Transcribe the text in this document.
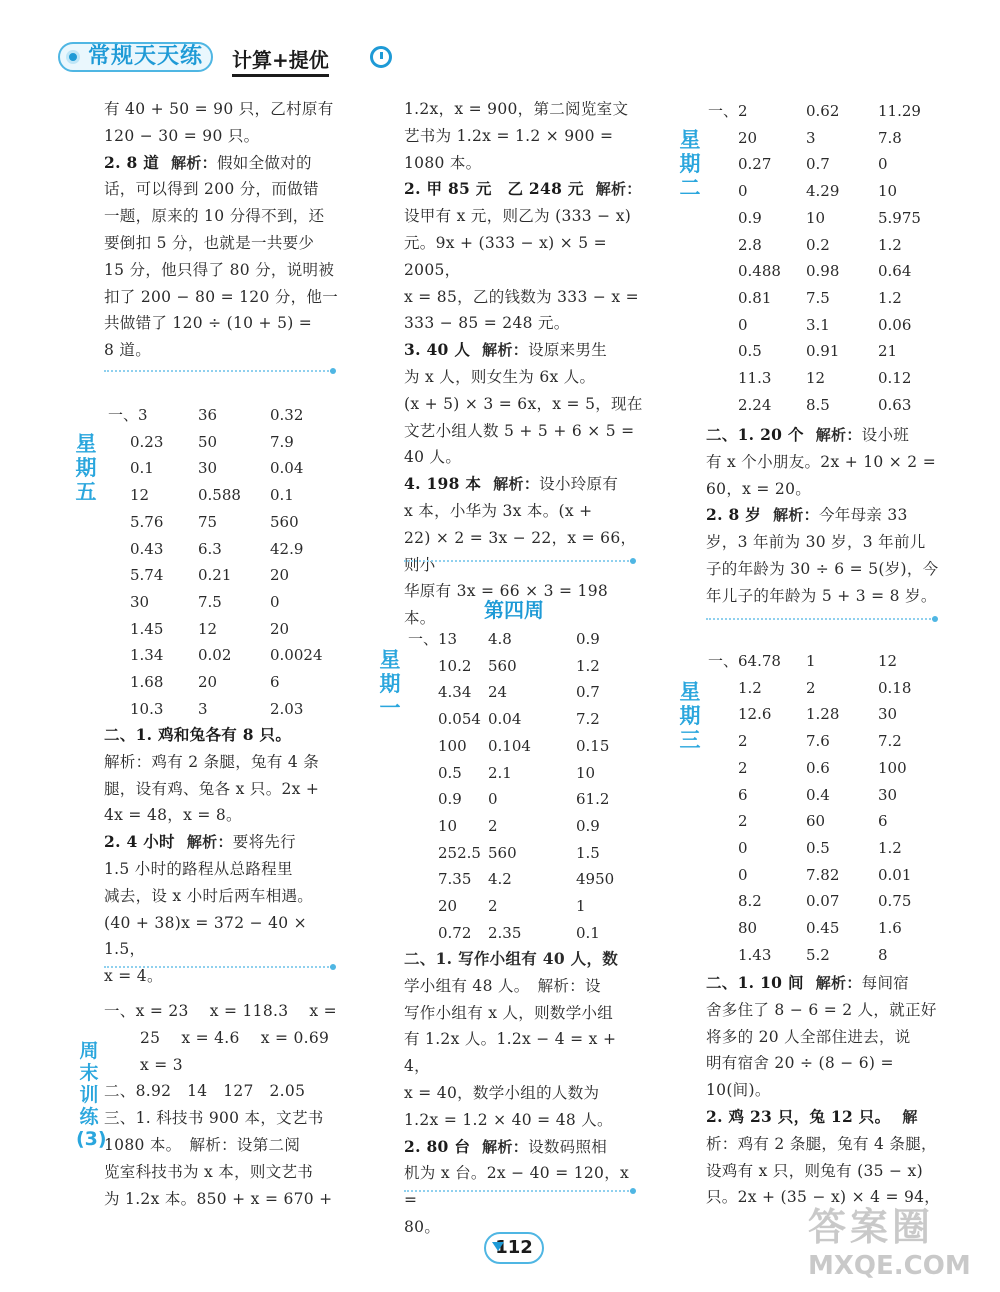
常规天天练	计算+提优
有 40 + 50 = 90 只，乙村原有
120 − 30 = 90 只。
2. 8 道 解析：假如全做对的
话，可以得到 200 分，而做错
一题，原来的 10 分得不到，还
要倒扣 5 分，也就是一共要少
15 分，他只得了 80 分，说明被
扣了 200 − 80 = 120 分，他一
共做错了 120 ÷ (10 + 5) =
8 道。
星期五
一、3	36	0.32
0.23	50	7.9
0.1	30	0.04
12	0.588	0.1
5.76	75	560
0.43	6.3	42.9
5.74	0.21	20
30	7.5	0
1.45	12	20
1.34	0.02	0.0024
1.68	20	6
10.3	3	2.03
二、1. 鸡和兔各有 8 只。
解析：鸡有 2 条腿，兔有 4 条
腿，设有鸡、兔各 x 只。2x +
4x = 48，x = 8。
2. 4 小时 解析：要将先行
1.5 小时的路程从总路程里
减去，设 x 小时后两车相遇。
(40 + 38)x = 372 − 40 × 1.5，
x = 4。
周末训练(3)
一、x = 23　 x = 118.3　 x =
25　 x = 4.6　 x = 0.69
x = 3
二、8.92　14　127　2.05
三、1. 科技书 900 本，文艺书
1080 本。　解析：设第二阅
览室科技书为 x 本，则文艺书
为 1.2x 本。850 + x = 670 +
1.2x，x = 900，第二阅览室文
艺书为 1.2x = 1.2 × 900 =
1080 本。
2. 甲 85 元　乙 248 元 解析：
设甲有 x 元，则乙为 (333 − x)
元。9x + (333 − x) × 5 = 2005，
x = 85，乙的钱数为 333 − x =
333 − 85 = 248 元。
3. 40 人 解析：设原来男生
为 x 人，则女生为 6x 人。
(x + 5) × 3 = 6x，x = 5，现在
文艺小组人数 5 + 5 + 6 × 5 =
40 人。
4. 198 本 解析：设小玲原有
x 本，小华为 3x 本。(x +
22) × 2 = 3x − 22，x = 66，则小
华原有 3x = 66 × 3 = 198 本。	第四周
星期一
一、13	4.8	0.9
10.2	560	1.2
4.34	24	0.7
0.054 0.04	7.2
100	0.104	0.15
0.5	2.1	10
0.9	0	61.2
10	2	0.9
252.5 560	1.5
7.35	4.2	4950
20	2	1
0.72	2.35	0.1
二、1. 写作小组有 40 人，数
学小组有 48 人。　解析：设
写作小组有 x 人，则数学小组
有 1.2x 人。1.2x − 4 = x + 4，
x = 40，数学小组的人数为
1.2x = 1.2 × 40 = 48 人。
2. 80 台 解析：设数码照相
机为 x 台。2x − 40 = 120，x =
80。
星期二
一、2	0.62	11.29
20	3	7.8
0.27	0.7	0
0	4.29	10
0.9	10	5.975
2.8	0.2	1.2
0.488	0.98	0.64
0.81	7.5	1.2
0	3.1	0.06
0.5	0.91	21
11.3	12	0.12
2.24	8.5	0.63
二、1. 20 个 解析：设小班
有 x 个小朋友。2x + 10 × 2 =
60，x = 20。
2. 8 岁 解析：今年母亲 33
岁，3 年前为 30 岁，3 年前儿
子的年龄为 30 ÷ 6 = 5(岁)，今
年儿子的年龄为 5 + 3 = 8 岁。
星期三
一、64.78	1	12
1.2	2	0.18
12.6	1.28	30
2	7.6	7.2
2	0.6	100
6	0.4	30
2	60	6
0	0.5	1.2
0	7.82	0.01
8.2	0.07	0.75
80	0.45	1.6
1.43	5.2	8
二、1. 10 间 解析：每间宿
舍多住了 8 − 6 = 2 人，就正好
将多的 20 人全部住进去，说
明有宿舍 20 ÷ (8 − 6) =
10(间)。
2. 鸡 23 只，兔 12 只。 解
析：鸡有 2 条腿，兔有 4 条腿，
设鸡有 x 只，则兔有 (35 − x)
只。2x + (35 − x) × 4 = 94，
112	答案圈
MXQE.COM
